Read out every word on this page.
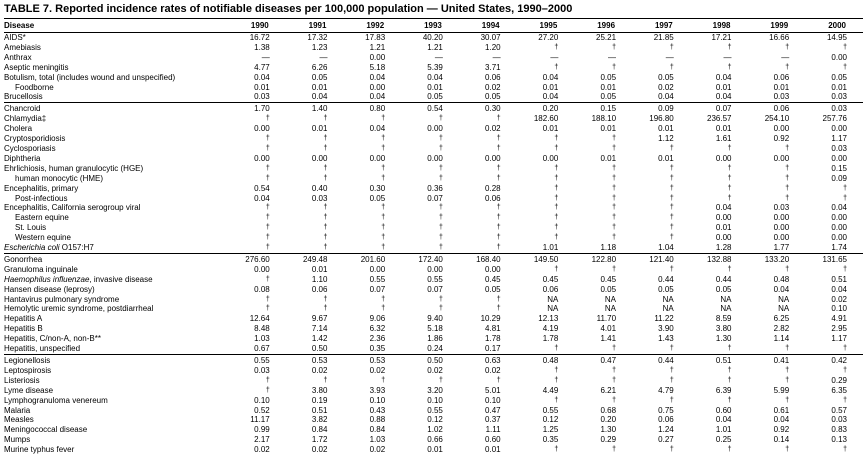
TABLE 7. Reported incidence rates of notifiable diseases per 100,000 population — United States, 1990–2000
Disease	1990	1991	1992	1993	1994	1995	1996	1997	1998	1999	2000
AIDS*	16.72	17.32	17.83	40.20	30.07	27.20	25.21	21.85	17.21	16.66	14.95
Amebiasis	1.38	1.23	1.21	1.21	1.20	†	†	†	†	†	†
Anthrax	—	—	0.00	—	—	—	—	—	—	—	0.00
Aseptic meningitis	4.77	6.26	5.18	5.39	3.71	†	†	†	†	†	†
Botulism, total (includes wound and unspecified)	0.04	0.05	0.04	0.04	0.06	0.04	0.05	0.05	0.04	0.06	0.05
Foodborne	0.01	0.01	0.00	0.01	0.02	0.01	0.01	0.02	0.01	0.01	0.01
Brucellosis	0.03	0.04	0.04	0.05	0.05	0.04	0.05	0.04	0.04	0.03	0.03
Chancroid	1.70	1.40	0.80	0.54	0.30	0.20	0.15	0.09	0.07	0.06	0.03
Chlamydia‡	†	†	†	†	†	182.60	188.10	196.80	236.57	254.10	257.76
Cholera	0.00	0.01	0.04	0.00	0.02	0.01	0.01	0.01	0.01	0.00	0.00
Cryptosporidiosis	†	†	†	†	†	†	†	1.12	1.61	0.92	1.17
Cyclosporiasis	†	†	†	†	†	†	†	†	†	†	0.03
Diphtheria	0.00	0.00	0.00	0.00	0.00	0.00	0.01	0.01	0.00	0.00	0.00
Ehrlichiosis, human granulocytic (HGE)	†	†	†	†	†	†	†	†	†	†	0.15
human monocytic (HME)	†	†	†	†	†	†	†	†	†	†	0.09
Encephalitis, primary	0.54	0.40	0.30	0.36	0.28	†	†	†	†	†	†
Post-infectious	0.04	0.03	0.05	0.07	0.06	†	†	†	†	†	†
Encephalitis, California serogroup viral	†	†	†	†	†	†	†	†	0.04	0.03	0.04
Eastern equine	†	†	†	†	†	†	†	†	0.00	0.00	0.00
St. Louis	†	†	†	†	†	†	†	†	0.01	0.00	0.00
Western equine	†	†	†	†	†	†	†	†	0.00	0.00	0.00
Escherichia coli O157:H7	†	†	†	†	†	1.01	1.18	1.04	1.28	1.77	1.74
Gonorrhea	276.60	249.48	201.60	172.40	168.40	149.50	122.80	121.40	132.88	133.20	131.65
Granuloma inguinale	0.00	0.01	0.00	0.00	0.00	†	†	†	†	†	†
Haemophilus influenzae, invasive disease	†	1.10	0.55	0.55	0.45	0.45	0.45	0.44	0.44	0.48	0.51
Hansen disease (leprosy)	0.08	0.06	0.07	0.07	0.05	0.06	0.05	0.05	0.05	0.04	0.04
Hantavirus pulmonary syndrome	†	†	†	†	†	NA	NA	NA	NA	NA	0.02
Hemolytic uremic syndrome, postdiarrheal	†	†	†	†	†	NA	NA	NA	NA	NA	0.10
Hepatitis A	12.64	9.67	9.06	9.40	10.29	12.13	11.70	11.22	8.59	6.25	4.91
Hepatitis B	8.48	7.14	6.32	5.18	4.81	4.19	4.01	3.90	3.80	2.82	2.95
Hepatitis, C/non-A, non-B**	1.03	1.42	2.36	1.86	1.78	1.78	1.41	1.43	1.30	1.14	1.17
Hepatitis, unspecified	0.67	0.50	0.35	0.24	0.17	†	†	†	†	†	†
Legionellosis	0.55	0.53	0.53	0.50	0.63	0.48	0.47	0.44	0.51	0.41	0.42
Leptospirosis	0.03	0.02	0.02	0.02	0.02	†	†	†	†	†	†
Listeriosis	†	†	†	†	†	†	†	†	†	†	0.29
Lyme disease	†	3.80	3.93	3.20	5.01	4.49	6.21	4.79	6.39	5.99	6.35
Lymphogranuloma venereum	0.10	0.19	0.10	0.10	0.10	†	†	†	†	†	†
Malaria	0.52	0.51	0.43	0.55	0.47	0.55	0.68	0.75	0.60	0.61	0.57
Measles	11.17	3.82	0.88	0.12	0.37	0.12	0.20	0.06	0.04	0.04	0.03
Meningococcal disease	0.99	0.84	0.84	1.02	1.11	1.25	1.30	1.24	1.01	0.92	0.83
Mumps	2.17	1.72	1.03	0.66	0.60	0.35	0.29	0.27	0.25	0.14	0.13
Murine typhus fever	0.02	0.02	0.02	0.01	0.01	†	†	†	†	†	†
